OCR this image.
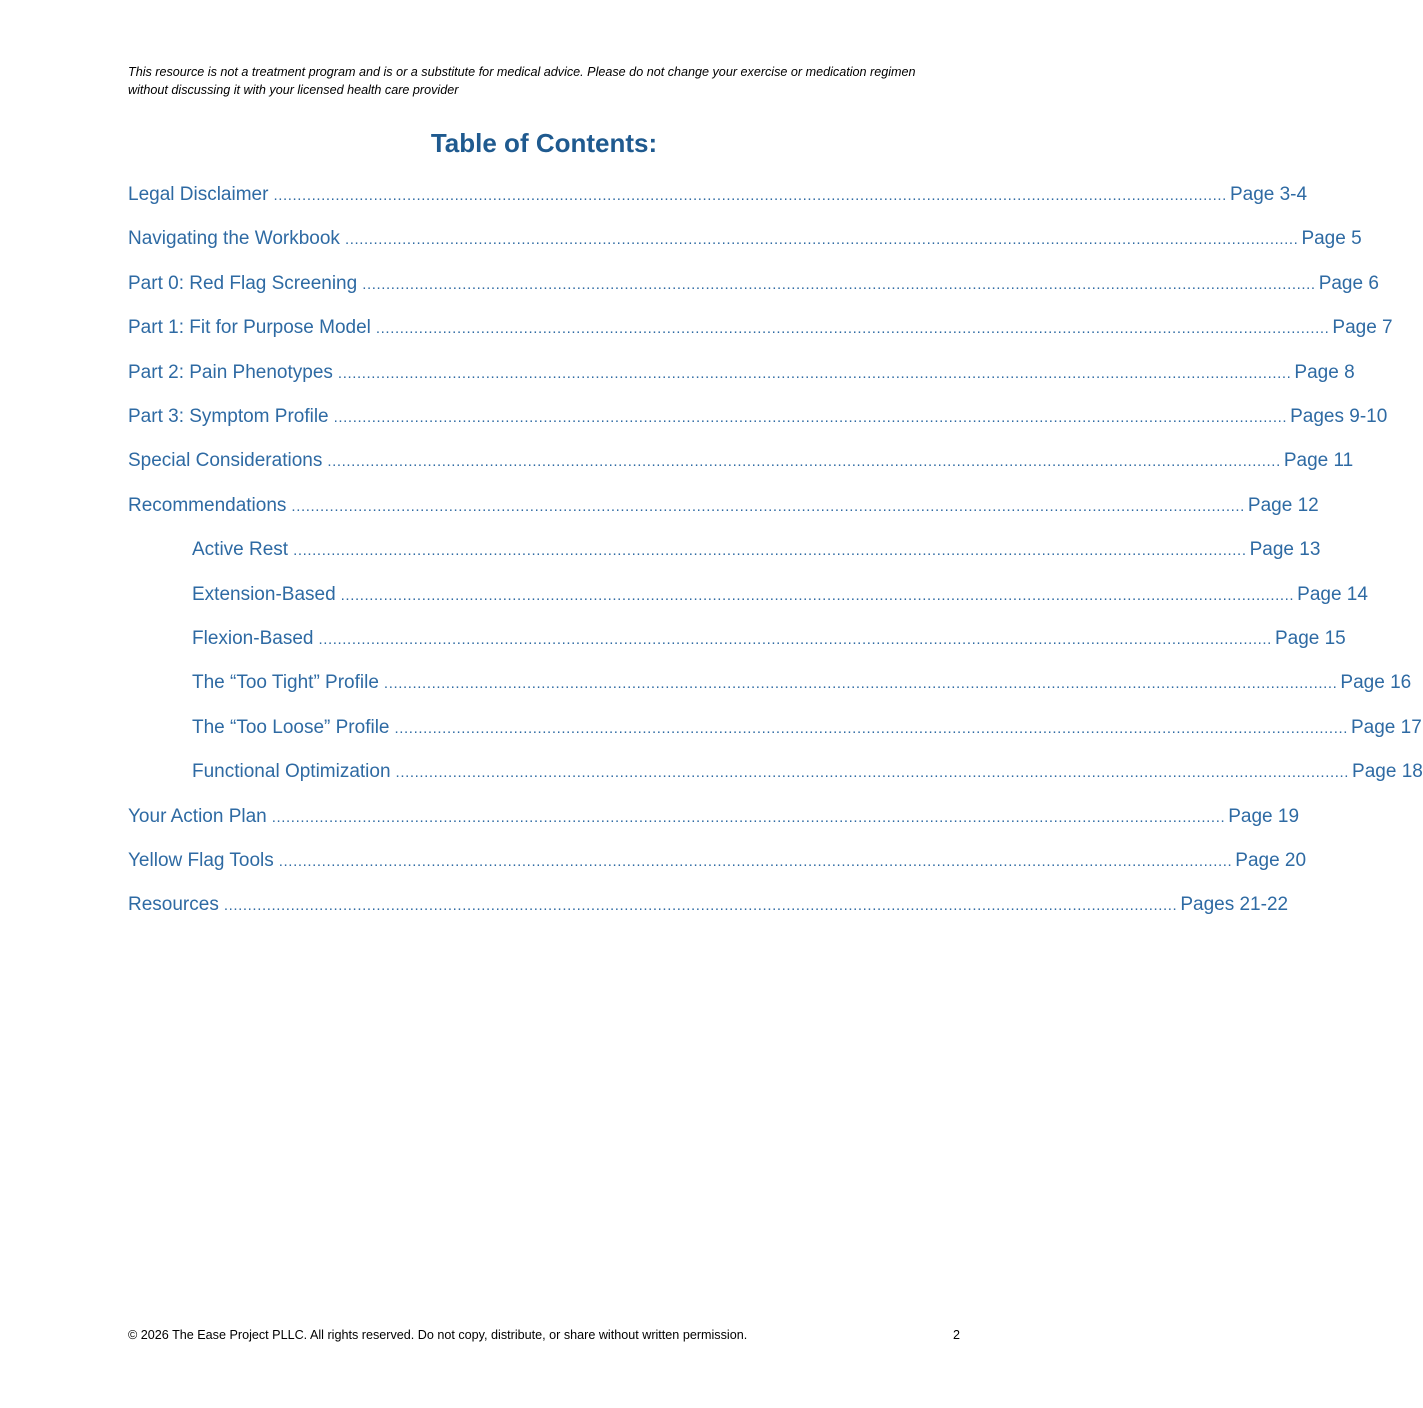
This resource is not a treatment program and is or a substitute for medical advice. Please do not change your exercise or medication regimen without discussing it with your licensed health care provider
Table of Contents:
Legal Disclaimer ........................................................................................................................................................................................................ Page 3-4
Navigating the Workbook ........................................................................................................................................................................................................ Page 5
Part 0: Red Flag Screening ........................................................................................................................................................................................................ Page 6
Part 1: Fit for Purpose Model ........................................................................................................................................................................................................ Page 7
Part 2: Pain Phenotypes ........................................................................................................................................................................................................ Page 8
Part 3: Symptom Profile ........................................................................................................................................................................................................ Pages 9-10
Special Considerations ........................................................................................................................................................................................................ Page 11
Recommendations ........................................................................................................................................................................................................ Page 12
Active Rest ........................................................................................................................................................................................................ Page 13
Extension-Based ........................................................................................................................................................................................................ Page 14
Flexion-Based ........................................................................................................................................................................................................ Page 15
The “Too Tight” Profile ........................................................................................................................................................................................................ Page 16
The “Too Loose” Profile ........................................................................................................................................................................................................ Page 17
Functional Optimization ........................................................................................................................................................................................................ Page 18
Your Action Plan ........................................................................................................................................................................................................ Page 19
Yellow Flag Tools ........................................................................................................................................................................................................ Page 20
Resources ........................................................................................................................................................................................................ Pages 21-22
© 2026 The Ease Project PLLC. All rights reserved. Do not copy, distribute, or share without written permission.	2
